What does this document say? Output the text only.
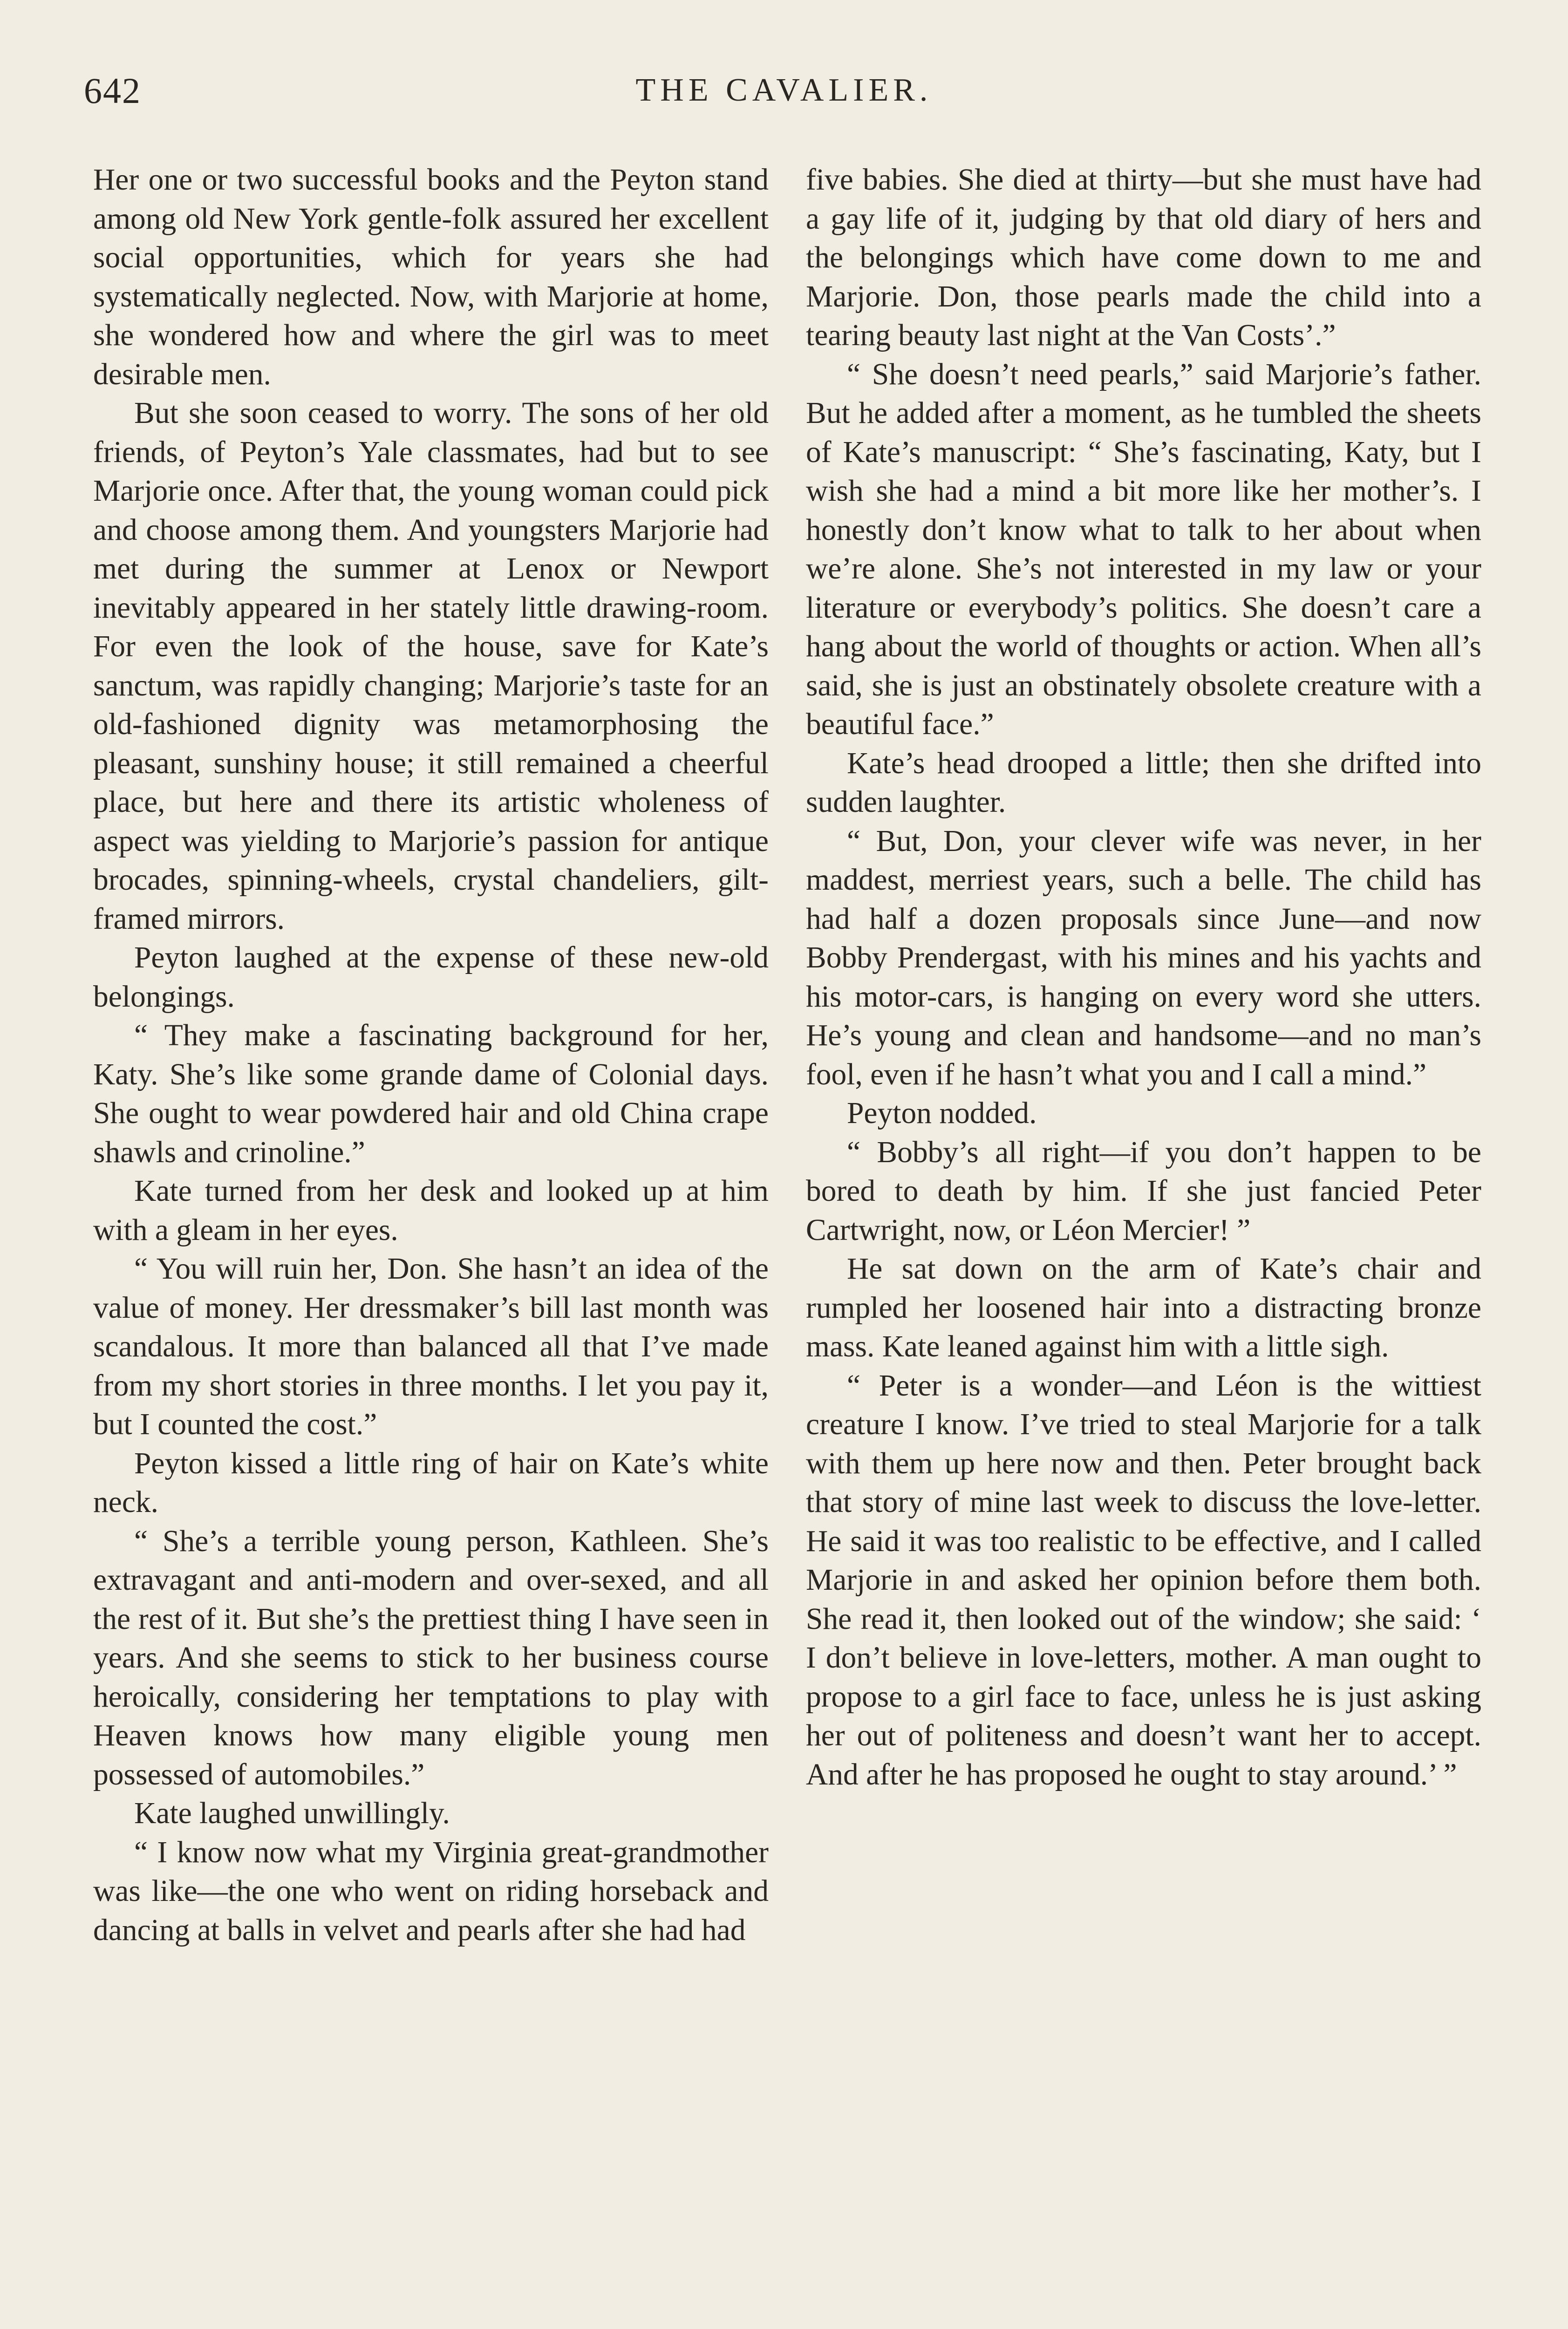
642	THE CAVALIER.

Her one or two successful books and the Peyton stand among old New York gentle-folk assured her excellent social opportunities, which for years she had systematically neglected. Now, with Marjorie at home, she wondered how and where the girl was to meet desirable men.

But she soon ceased to worry. The sons of her old friends, of Peyton’s Yale classmates, had but to see Marjorie once. After that, the young woman could pick and choose among them. And youngsters Marjorie had met during the summer at Lenox or Newport inevitably appeared in her stately little drawing-room. For even the look of the house, save for Kate’s sanctum, was rapidly changing; Marjorie’s taste for an old-fashioned dignity was metamorphosing the pleasant, sunshiny house; it still remained a cheerful place, but here and there its artistic wholeness of aspect was yielding to Marjorie’s passion for antique brocades, spinning-wheels, crystal chandeliers, gilt-framed mirrors.

Peyton laughed at the expense of these new-old belongings.

“ They make a fascinating background for her, Katy. She’s like some grande dame of Colonial days. She ought to wear powdered hair and old China crape shawls and crinoline.”

Kate turned from her desk and looked up at him with a gleam in her eyes.

“ You will ruin her, Don. She hasn’t an idea of the value of money. Her dressmaker’s bill last month was scandalous. It more than balanced all that I’ve made from my short stories in three months. I let you pay it, but I counted the cost.”

Peyton kissed a little ring of hair on Kate’s white neck.

“ She’s a terrible young person, Kathleen. She’s extravagant and anti-modern and over-sexed, and all the rest of it. But she’s the prettiest thing I have seen in years. And she seems to stick to her business course heroically, considering her temptations to play with Heaven knows how many eligible young men possessed of automobiles.”

Kate laughed unwillingly.

“ I know now what my Virginia great-grandmother was like—the one who went on riding horseback and dancing at balls in velvet and pearls after she had had

five babies. She died at thirty—but she must have had a gay life of it, judging by that old diary of hers and the belongings which have come down to me and Marjorie. Don, those pearls made the child into a tearing beauty last night at the Van Costs’.”

“ She doesn’t need pearls,” said Marjorie’s father. But he added after a moment, as he tumbled the sheets of Kate’s manuscript: “ She’s fascinating, Katy, but I wish she had a mind a bit more like her mother’s. I honestly don’t know what to talk to her about when we’re alone. She’s not interested in my law or your literature or everybody’s politics. She doesn’t care a hang about the world of thoughts or action. When all’s said, she is just an obstinately obsolete creature with a beautiful face.”

Kate’s head drooped a little; then she drifted into sudden laughter.

“ But, Don, your clever wife was never, in her maddest, merriest years, such a belle. The child has had half a dozen proposals since June—and now Bobby Prendergast, with his mines and his yachts and his motor-cars, is hanging on every word she utters. He’s young and clean and handsome—and no man’s fool, even if he hasn’t what you and I call a mind.”

Peyton nodded.

“ Bobby’s all right—if you don’t happen to be bored to death by him. If she just fancied Peter Cartwright, now, or Léon Mercier! ”

He sat down on the arm of Kate’s chair and rumpled her loosened hair into a distracting bronze mass. Kate leaned against him with a little sigh.

“ Peter is a wonder—and Léon is the wittiest creature I know. I’ve tried to steal Marjorie for a talk with them up here now and then. Peter brought back that story of mine last week to discuss the love-letter. He said it was too realistic to be effective, and I called Marjorie in and asked her opinion before them both. She read it, then looked out of the window; she said: ‘ I don’t believe in love-letters, mother. A man ought to propose to a girl face to face, unless he is just asking her out of politeness and doesn’t want her to accept. And after he has proposed he ought to stay around.’ ”
